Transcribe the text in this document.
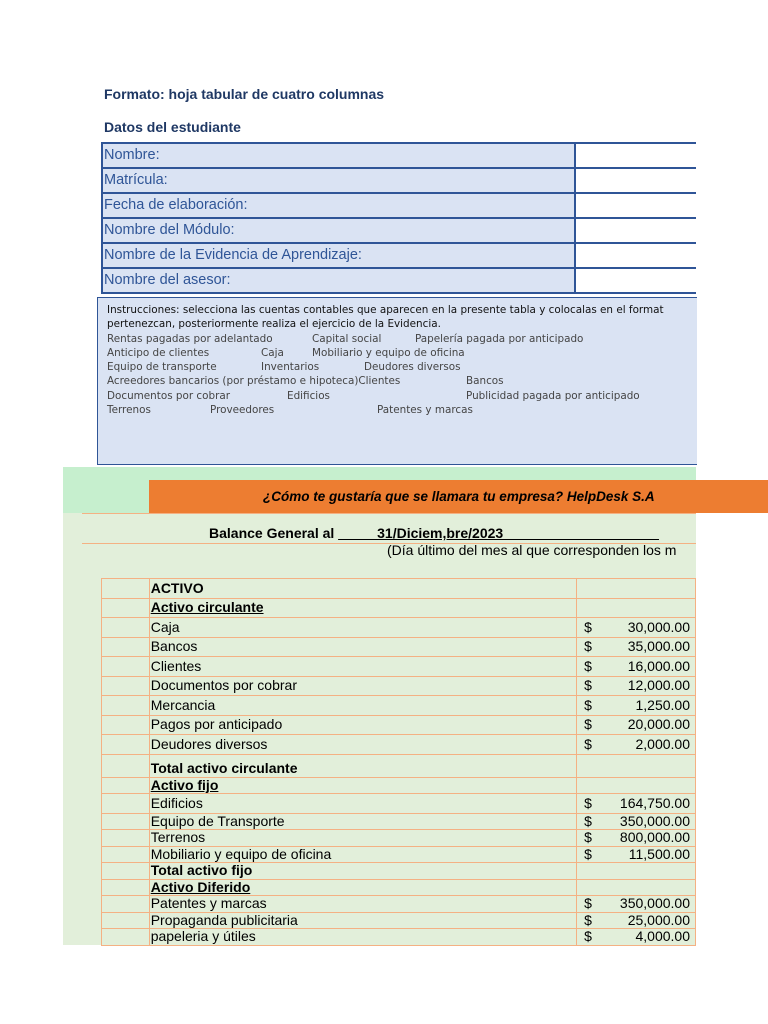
Formato: hoja tabular de cuatro columnas
Datos del estudiante
Nombre:
Matrícula:
Fecha de elaboración:
Nombre del Módulo:
Nombre de la Evidencia de Aprendizaje:
Nombre del asesor:
Instrucciones: selecciona las cuentas contables que aparecen en la presente tabla y colocalas en el format
pertenezcan, posteriormente realiza el ejercicio de la Evidencia.
Rentas pagadas por adelantado	Capital social	Papelería pagada por anticipado
Anticipo de clientes	Caja	Mobiliario y equipo de oficina
Equipo de transporte	Inventarios	Deudores diversos
Acreedores bancarios (por préstamo e hipoteca)Clientes	Bancos
Documentos por cobrar	Edificios	Publicidad pagada por anticipado
Terrenos	Proveedores	Patentes y marcas
¿Cómo te gustaría que se llamara tu empresa? HelpDesk S.A
Balance General al _____31/Diciem,bre/2023____________________
(Día último del mes al que corresponden los m
	ACTIVO	
	Activo circulante	
	Caja	$ 30,000.00

	Bancos	$ 35,000.00

	Clientes	$ 16,000.00

	Documentos por cobrar	$ 12,000.00

	Mercancia	$ 1,250.00

	Pagos por anticipado	$ 20,000.00

	Deudores diversos	$ 2,000.00

	Total activo circulante	
	Activo fijo	
	Edificios	$ 164,750.00

	Equipo de Transporte	$ 350,000.00

	Terrenos	$ 800,000.00

	Mobiliario y equipo de oficina	$ 11,500.00

	Total activo fijo	
	Activo Diferido	
	Patentes y marcas	$ 350,000.00

	Propaganda publicitaria	$ 25,000.00

	papeleria y útiles	$ 4,000.00
